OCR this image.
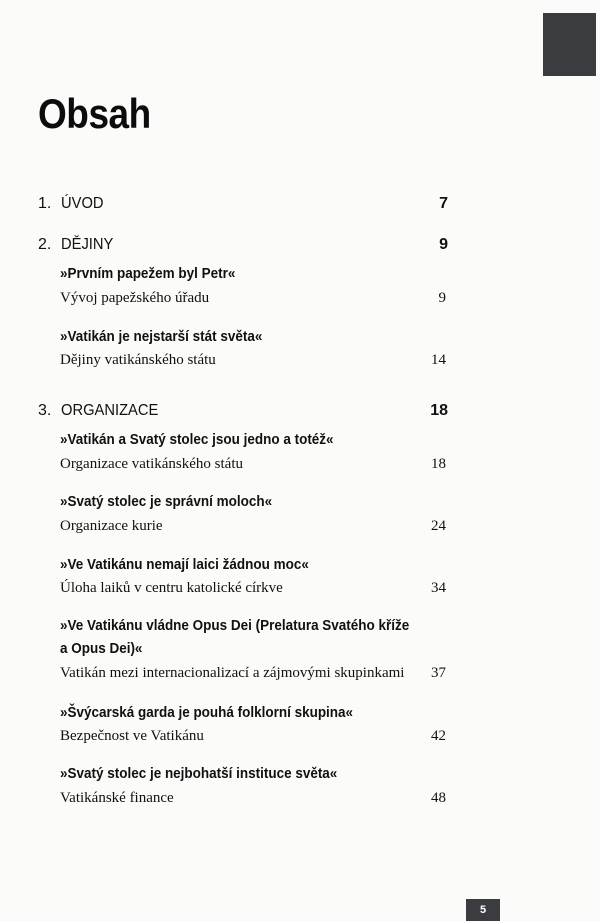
Obsah
1. ÚVOD	7
2. DĚJINY	9
»Prvním papežem byl Petr«
Vývoj papežského úřadu	9
»Vatikán je nejstarší stát světa«
Dějiny vatikánského státu	14
3. ORGANIZACE	18
»Vatikán a Svatý stolec jsou jedno a totéž«
Organizace vatikánského státu	18
»Svatý stolec je správní moloch«
Organizace kurie	24
»Ve Vatikánu nemají laici žádnou moc«
Úloha laiků v centru katolické církve	34
»Ve Vatikánu vládne Opus Dei (Prelatura Svatého kříže
a Opus Dei)«
Vatikán mezi internacionalizací a zájmovými skupinkami 37
»Švýcarská garda je pouhá folklorní skupina«
Bezpečnost ve Vatikánu	42
»Svatý stolec je nejbohatší instituce světa«
Vatikánské finance	48
5
